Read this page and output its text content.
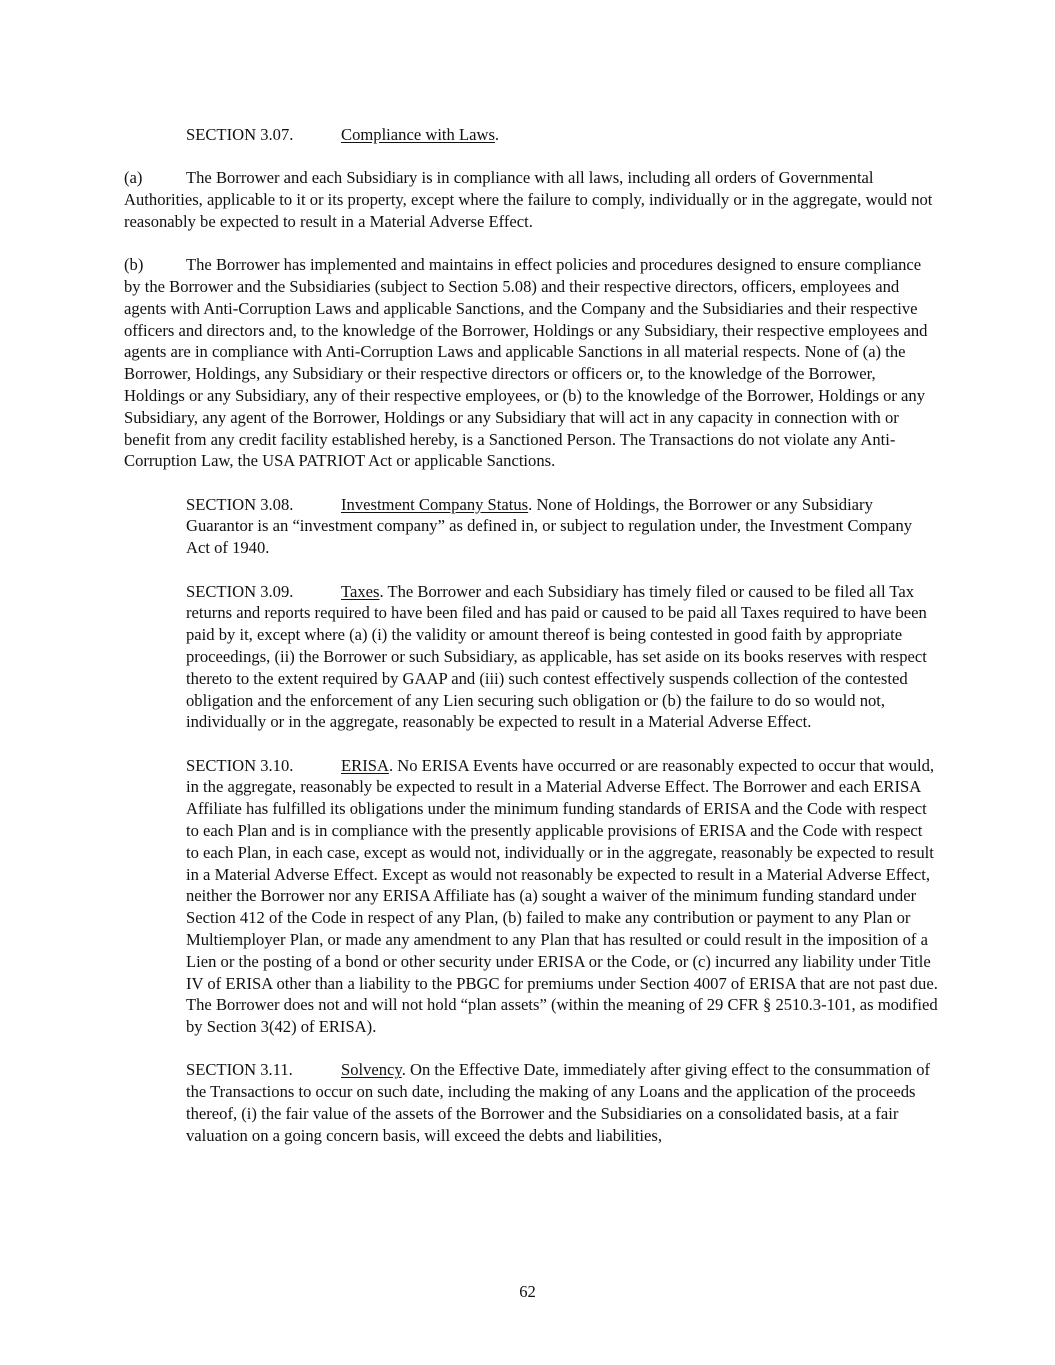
SECTION 3.07.	Compliance with Laws.
(a)	The Borrower and each Subsidiary is in compliance with all laws, including all orders of Governmental Authorities, applicable to it or its property, except where the failure to comply, individually or in the aggregate, would not reasonably be expected to result in a Material Adverse Effect.
(b)	The Borrower has implemented and maintains in effect policies and procedures designed to ensure compliance by the Borrower and the Subsidiaries (subject to Section 5.08) and their respective directors, officers, employees and agents with Anti-Corruption Laws and applicable Sanctions, and the Company and the Subsidiaries and their respective officers and directors and, to the knowledge of the Borrower, Holdings or any Subsidiary, their respective employees and agents are in compliance with Anti-Corruption Laws and applicable Sanctions in all material respects. None of (a) the Borrower, Holdings, any Subsidiary or their respective directors or officers or, to the knowledge of the Borrower, Holdings or any Subsidiary, any of their respective employees, or (b) to the knowledge of the Borrower, Holdings or any Subsidiary, any agent of the Borrower, Holdings or any Subsidiary that will act in any capacity in connection with or benefit from any credit facility established hereby, is a Sanctioned Person. The Transactions do not violate any Anti-Corruption Law, the USA PATRIOT Act or applicable Sanctions.
SECTION 3.08.	Investment Company Status. None of Holdings, the Borrower or any Subsidiary Guarantor is an “investment company” as defined in, or subject to regulation under, the Investment Company Act of 1940.
SECTION 3.09.	Taxes. The Borrower and each Subsidiary has timely filed or caused to be filed all Tax returns and reports required to have been filed and has paid or caused to be paid all Taxes required to have been paid by it, except where (a) (i) the validity or amount thereof is being contested in good faith by appropriate proceedings, (ii) the Borrower or such Subsidiary, as applicable, has set aside on its books reserves with respect thereto to the extent required by GAAP and (iii) such contest effectively suspends collection of the contested obligation and the enforcement of any Lien securing such obligation or (b) the failure to do so would not, individually or in the aggregate, reasonably be expected to result in a Material Adverse Effect.
SECTION 3.10.	ERISA. No ERISA Events have occurred or are reasonably expected to occur that would, in the aggregate, reasonably be expected to result in a Material Adverse Effect. The Borrower and each ERISA Affiliate has fulfilled its obligations under the minimum funding standards of ERISA and the Code with respect to each Plan and is in compliance with the presently applicable provisions of ERISA and the Code with respect to each Plan, in each case, except as would not, individually or in the aggregate, reasonably be expected to result in a Material Adverse Effect. Except as would not reasonably be expected to result in a Material Adverse Effect, neither the Borrower nor any ERISA Affiliate has (a) sought a waiver of the minimum funding standard under Section 412 of the Code in respect of any Plan, (b) failed to make any contribution or payment to any Plan or Multiemployer Plan, or made any amendment to any Plan that has resulted or could result in the imposition of a Lien or the posting of a bond or other security under ERISA or the Code, or (c) incurred any liability under Title IV of ERISA other than a liability to the PBGC for premiums under Section 4007 of ERISA that are not past due. The Borrower does not and will not hold “plan assets” (within the meaning of 29 CFR § 2510.3-101, as modified by Section 3(42) of ERISA).
SECTION 3.11.	Solvency. On the Effective Date, immediately after giving effect to the consummation of the Transactions to occur on such date, including the making of any Loans and the application of the proceeds thereof, (i) the fair value of the assets of the Borrower and the Subsidiaries on a consolidated basis, at a fair valuation on a going concern basis, will exceed the debts and liabilities,
62
